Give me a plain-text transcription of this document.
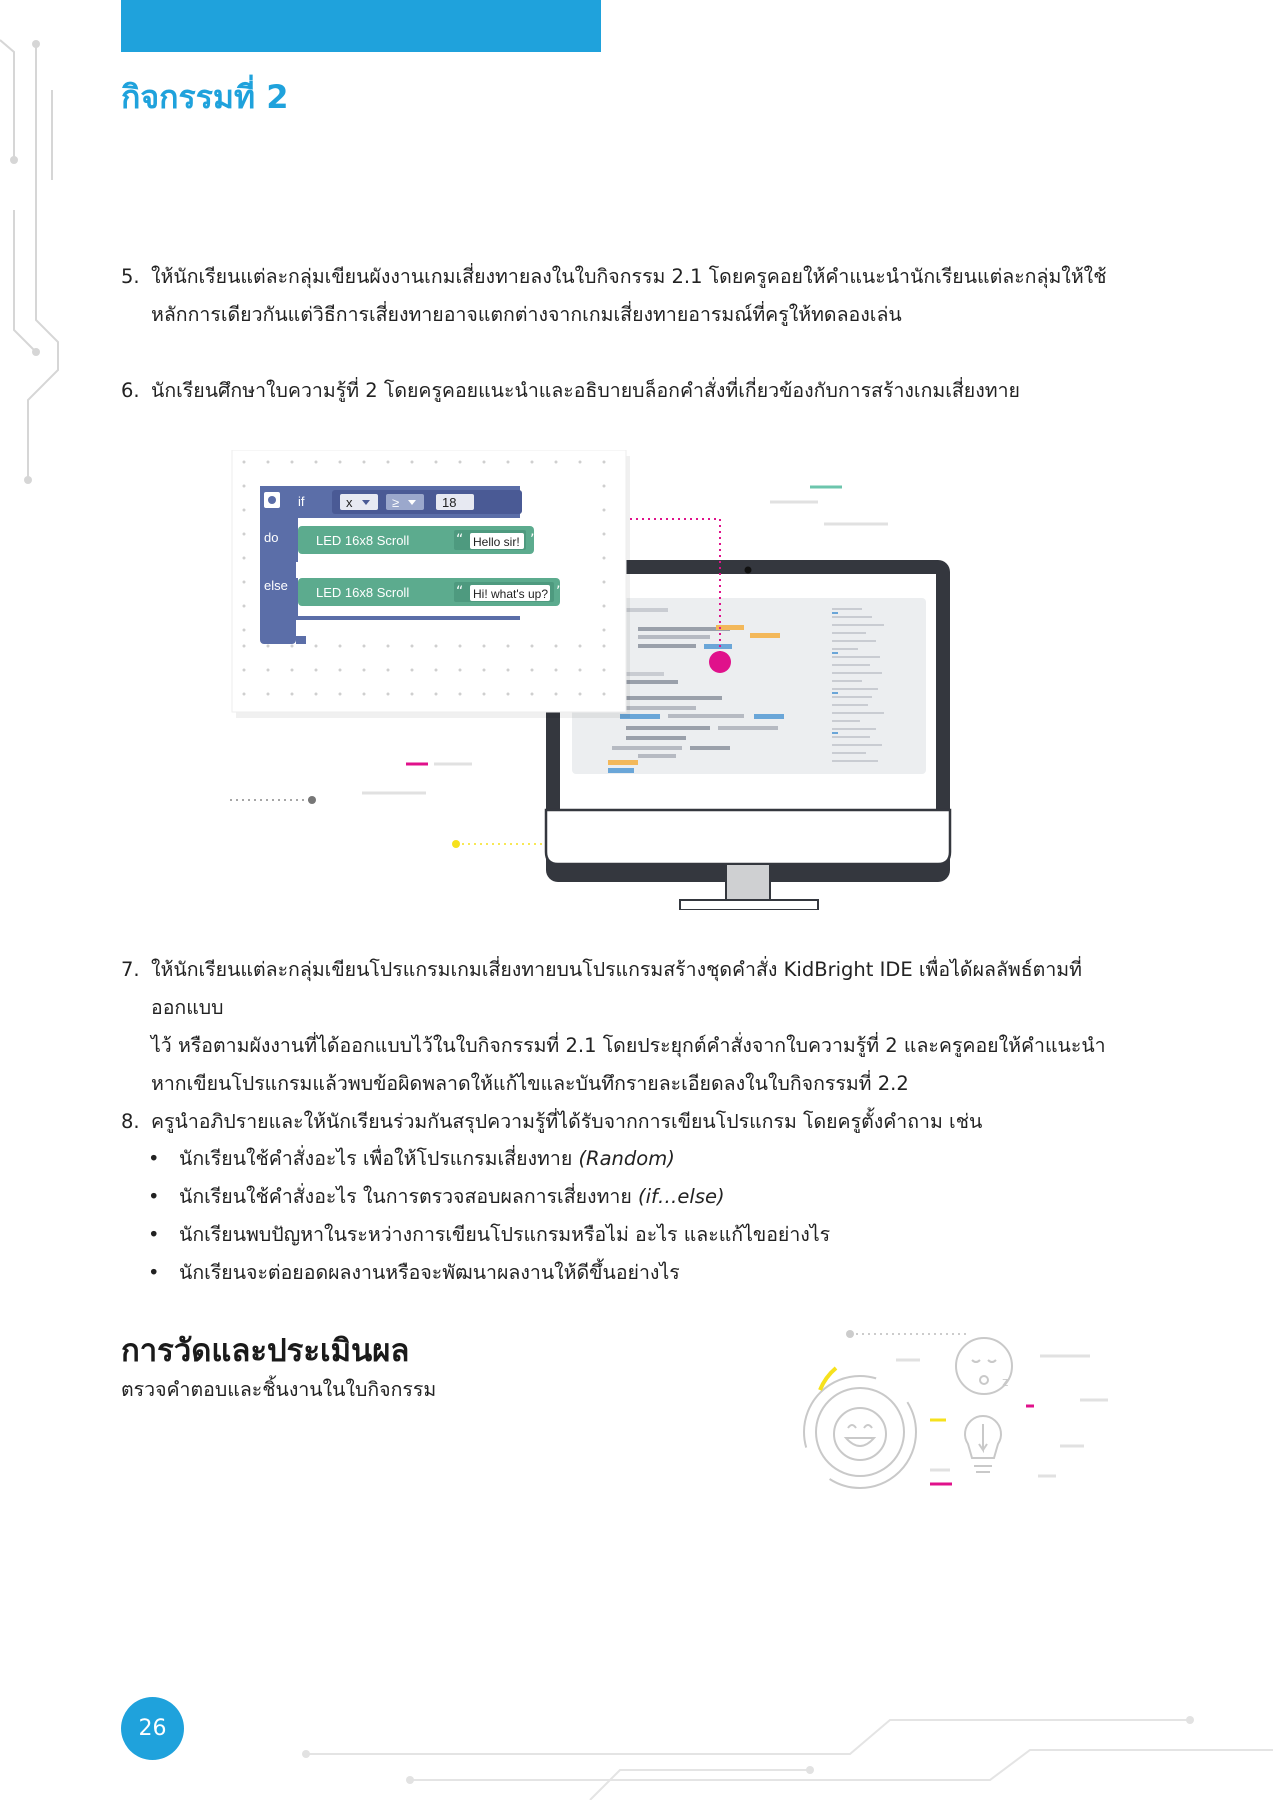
กิจกรรมที่ 2
5. ให้นักเรียนแต่ละกลุ่มเขียนผังงานเกมเสี่ยงทายลงในใบกิจกรรม 2.1 โดยครูคอยให้คำแนะนำนักเรียนแต่ละกลุ่มให้ใช้
หลักการเดียวกันแต่วิธีการเสี่ยงทายอาจแตกต่างจากเกมเสี่ยงทายอารมณ์ที่ครูให้ทดลองเล่น
6. นักเรียนศึกษาใบความรู้ที่ 2 โดยครูคอยแนะนำและอธิบายบล็อกคำสั่งที่เกี่ยวข้องกับการสร้างเกมเสี่ยงทาย
if	x	≥	18
do
else
LED 16x8 Scroll	“ Hello sir!
LED 16x8 Scroll	“ Hi! what's up?
”
”
7. ให้นักเรียนแต่ละกลุ่มเขียนโปรแกรมเกมเสี่ยงทายบนโปรแกรมสร้างชุดคำสั่ง KidBright IDE เพื่อได้ผลลัพธ์ตามที่ออกแบบ
ไว้ หรือตามผังงานที่ได้ออกแบบไว้ในใบกิจกรรมที่ 2.1 โดยประยุกต์คำสั่งจากใบความรู้ที่ 2 และครูคอยให้คำแนะนำ
หากเขียนโปรแกรมแล้วพบข้อผิดพลาดให้แก้ไขและบันทึกรายละเอียดลงในใบกิจกรรมที่ 2.2
8. ครูนำอภิปรายและให้นักเรียนร่วมกันสรุปความรู้ที่ได้รับจากการเขียนโปรแกรม โดยครูตั้งคำถาม เช่น
• นักเรียนใช้คำสั่งอะไร เพื่อให้โปรแกรมเสี่ยงทาย (Random)
• นักเรียนใช้คำสั่งอะไร ในการตรวจสอบผลการเสี่ยงทาย (if…else)
• นักเรียนพบปัญหาในระหว่างการเขียนโปรแกรมหรือไม่ อะไร และแก้ไขอย่างไร
• นักเรียนจะต่อยอดผลงานหรือจะพัฒนาผลงานให้ดีขึ้นอย่างไร
การวัดและประเมินผล

ตรวจคำตอบและชิ้นงานในใบกิจกรรม	z
26
